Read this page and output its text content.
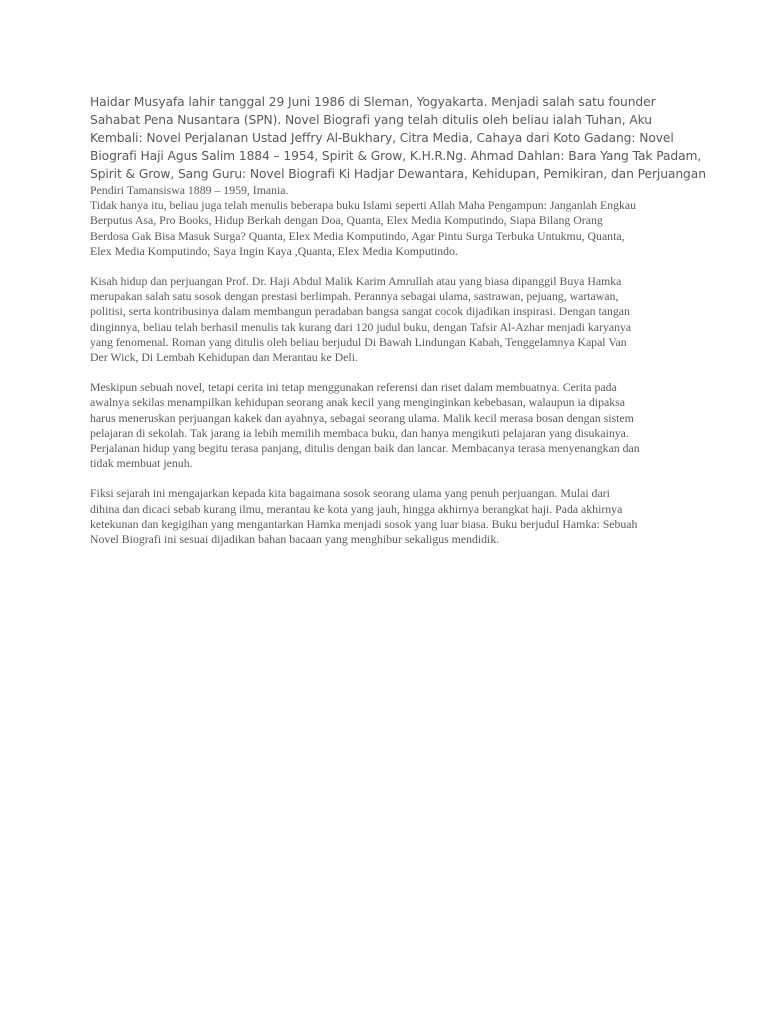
Haidar Musyafa lahir tanggal 29 Juni 1986 di Sleman, Yogyakarta. Menjadi salah satu founder
Sahabat Pena Nusantara (SPN). Novel Biografi yang telah ditulis oleh beliau ialah Tuhan, Aku
Kembali: Novel Perjalanan Ustad Jeffry Al-Bukhary, Citra Media, Cahaya dari Koto Gadang: Novel
Biografi Haji Agus Salim 1884 – 1954, Spirit & Grow, K.H.R.Ng. Ahmad Dahlan: Bara Yang Tak Padam,
Spirit & Grow, Sang Guru: Novel Biografi Ki Hadjar Dewantara, Kehidupan, Pemikiran, dan Perjuangan
Pendiri Tamansiswa 1889 – 1959, Imania.
Tidak hanya itu, beliau juga telah menulis beberapa buku Islami seperti Allah Maha Pengampun: Janganlah Engkau
Berputus Asa, Pro Books, Hidup Berkah dengan Doa, Quanta, Elex Media Komputindo, Siapa Bilang Orang
Berdosa Gak Bisa Masuk Surga? Quanta, Elex Media Komputindo, Agar Pintu Surga Terbuka Untukmu, Quanta,
Elex Media Komputindo, Saya Ingin Kaya ,Quanta, Elex Media Komputindo.
Kisah hidup dan perjuangan Prof. Dr. Haji Abdul Malik Karim Amrullah atau yang biasa dipanggil Buya Hamka
merupakan salah satu sosok dengan prestasi berlimpah. Perannya sebagai ulama, sastrawan, pejuang, wartawan,
politisi, serta kontribusinya dalam membangun peradaban bangsa sangat cocok dijadikan inspirasi. Dengan tangan
dinginnya, beliau telah berhasil menulis tak kurang dari 120 judul buku, dengan Tafsir Al-Azhar menjadi karyanya
yang fenomenal. Roman yang ditulis oleh beliau berjudul Di Bawah Lindungan Kabah, Tenggelamnya Kapal Van
Der Wick, Di Lembah Kehidupan dan Merantau ke Deli.
Meskipun sebuah novel, tetapi cerita ini tetap menggunakan referensi dan riset dalam membuatnya. Cerita pada
awalnya sekilas menampilkan kehidupan seorang anak kecil yang menginginkan kebebasan, walaupun ia dipaksa
harus meneruskan perjuangan kakek dan ayahnya, sebagai seorang ulama. Malik kecil merasa bosan dengan sistem
pelajaran di sekolah. Tak jarang ia lebih memilih membaca buku, dan hanya mengikuti pelajaran yang disukainya.
Perjalanan hidup yang begitu terasa panjang, ditulis dengan baik dan lancar. Membacanya terasa menyenangkan dan
tidak membuat jenuh.
Fiksi sejarah ini mengajarkan kepada kita bagaimana sosok seorang ulama yang penuh perjuangan. Mulai dari
dihina dan dicaci sebab kurang ilmu, merantau ke kota yang jauh, hingga akhirnya berangkat haji. Pada akhirnya
ketekunan dan kegigihan yang mengantarkan Hamka menjadi sosok yang luar biasa. Buku berjudul Hamka: Sebuah
Novel Biografi ini sesuai dijadikan bahan bacaan yang menghibur sekaligus mendidik.
